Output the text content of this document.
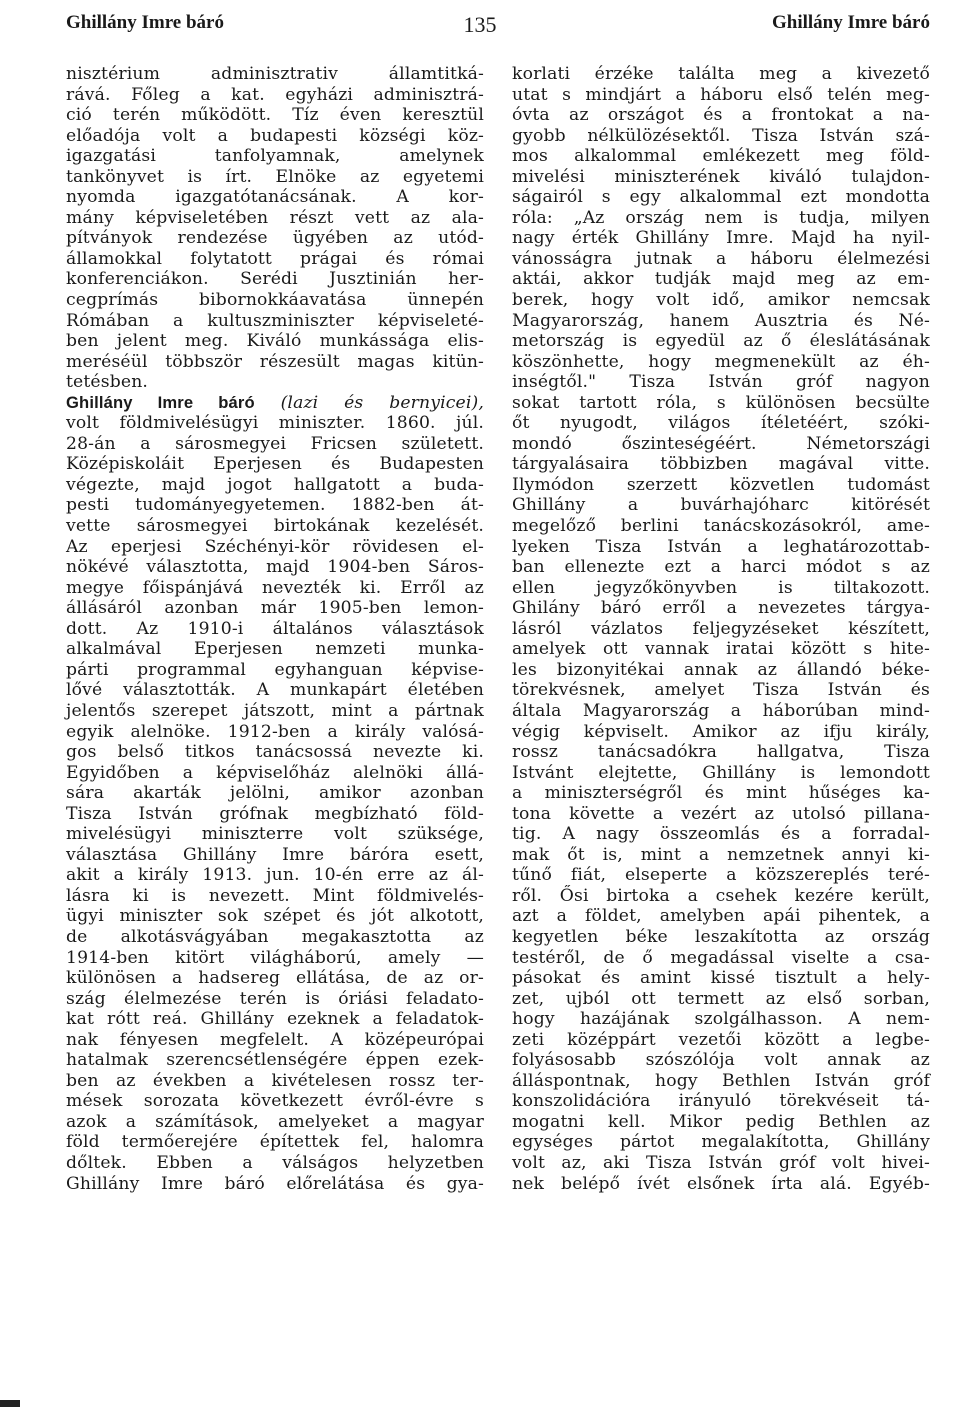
Ghillány Imre báró	135	Ghillány Imre báró
nisztérium adminisztrativ államtitká-
rává. Főleg a kat. egyházi adminisztrá-
ció terén működött. Tíz éven keresztül
előadója volt a budapesti községi köz-
igazgatási tanfolyamnak, amelynek
tankönyvet is írt. Elnöke az egyetemi
nyomda igazgatótanácsának. A kor-
mány képviseletében részt vett az ala-
pítványok rendezése ügyében az utód-
államokkal folytatott prágai és római
konferenciákon. Serédi Jusztinián her-
cegprímás bibornokkáavatása ünnepén
Rómában a kultuszminiszter képviseleté-
ben jelent meg. Kiváló munkássága elis-
meréséül többször részesült magas kitün-
tetésben.
Ghillány Imre báró (lazi és bernyicei),
volt földmivelésügyi miniszter. 1860. júl.
28-án a sárosmegyei Fricsen született.
Középiskoláit Eperjesen és Budapesten
végezte, majd jogot hallgatott a buda-
pesti tudományegyetemen. 1882-ben át-
vette sárosmegyei birtokának kezelését.
Az eperjesi Széchényi-kör rövidesen el-
nökévé választotta, majd 1904-ben Sáros-
megye főispánjává nevezték ki. Erről az
állásáról azonban már 1905-ben lemon-
dott. Az 1910-i általános választások
alkalmával Eperjesen nemzeti munka-
párti programmal egyhanguan képvise-
lővé választották. A munkapárt életében
jelentős szerepet játszott, mint a pártnak
egyik alelnöke. 1912-ben a király valósá-
gos belső titkos tanácsossá nevezte ki.
Egyidőben a képviselőház alelnöki állá-
sára akarták jelölni, amikor azonban
Tisza István grófnak megbízható föld-
mivelésügyi miniszterre volt szüksége,
választása Ghillány Imre báróra esett,
akit a király 1913. jun. 10-én erre az ál-
lásra ki is nevezett. Mint földmivelés-
ügyi miniszter sok szépet és jót alkotott,
de alkotásvágyában megakasztotta az
1914-ben kitört világháború, amely —
különösen a hadsereg ellátása, de az or-
szág élelmezése terén is óriási feladato-
kat rótt reá. Ghillány ezeknek a feladatok-
nak fényesen megfelelt. A középeurópai
hatalmak szerencsétlenségére éppen ezek-
ben az években a kivételesen rossz ter-
mések sorozata következett évről-évre s
azok a számítások, amelyeket a magyar
föld termőerejére építettek fel, halomra
dőltek. Ebben a válságos helyzetben
Ghillány Imre báró előrelátása és gya-
korlati érzéke találta meg a kivezető
utat s mindjárt a háboru első telén meg-
óvta az országot és a frontokat a na-
gyobb nélkülözésektől. Tisza István szá-
mos alkalommal emlékezett meg föld-
mivelési miniszterének kiváló tulajdon-
ságairól s egy alkalommal ezt mondotta
róla: „Az ország nem is tudja, milyen
nagy érték Ghillány Imre. Majd ha nyil-
vánosságra jutnak a háboru élelmezési
aktái, akkor tudják majd meg az em-
berek, hogy volt idő, amikor nemcsak
Magyarország, hanem Ausztria és Né-
metország is egyedül az ő éleslátásának
köszönhette, hogy megmenekült az éh-
inségtől." Tisza István gróf nagyon
sokat tartott róla, s különösen becsülte
őt nyugodt, világos ítéletéért, szóki-
mondó őszinteségéért. Németországi
tárgyalásaira többizben magával vitte.
Ilymódon szerzett közvetlen tudomást
Ghillány a buvárhajóharc kitörését
megelőző berlini tanácskozásokról, ame-
lyeken Tisza István a leghatározottab-
ban ellenezte ezt a harci módot s az
ellen jegyzőkönyvben is tiltakozott.
Ghilány báró erről a nevezetes tárgya-
lásról vázlatos feljegyzéseket készített,
amelyek ott vannak iratai között s hite-
les bizonyitékai annak az állandó béke-
törekvésnek, amelyet Tisza István és
általa Magyarország a háborúban mind-
végig képviselt. Amikor az ifju király,
rossz tanácsadókra hallgatva, Tisza
Istvánt elejtette, Ghillány is lemondott
a miniszterségről és mint hűséges ka-
tona követte a vezért az utolsó pillana-
tig. A nagy összeomlás és a forradal-
mak őt is, mint a nemzetnek annyi ki-
tűnő fiát, elseperte a közszereplés teré-
ről. Ősi birtoka a csehek kezére került,
azt a földet, amelyben apái pihentek, a
kegyetlen béke leszakította az ország
testéről, de ő megadással viselte a csa-
pásokat és amint kissé tisztult a hely-
zet, ujból ott termett az első sorban,
hogy hazájának szolgálhasson. A nem-
zeti középpárt vezetői között a legbe-
folyásosabb szószólója volt annak az
álláspontnak, hogy Bethlen István gróf
konszolidációra irányuló törekvéseit tá-
mogatni kell. Mikor pedig Bethlen az
egységes pártot megalakította, Ghillány
volt az, aki Tisza István gróf volt hivei-
nek belépő ívét elsőnek írta alá. Egyéb-
